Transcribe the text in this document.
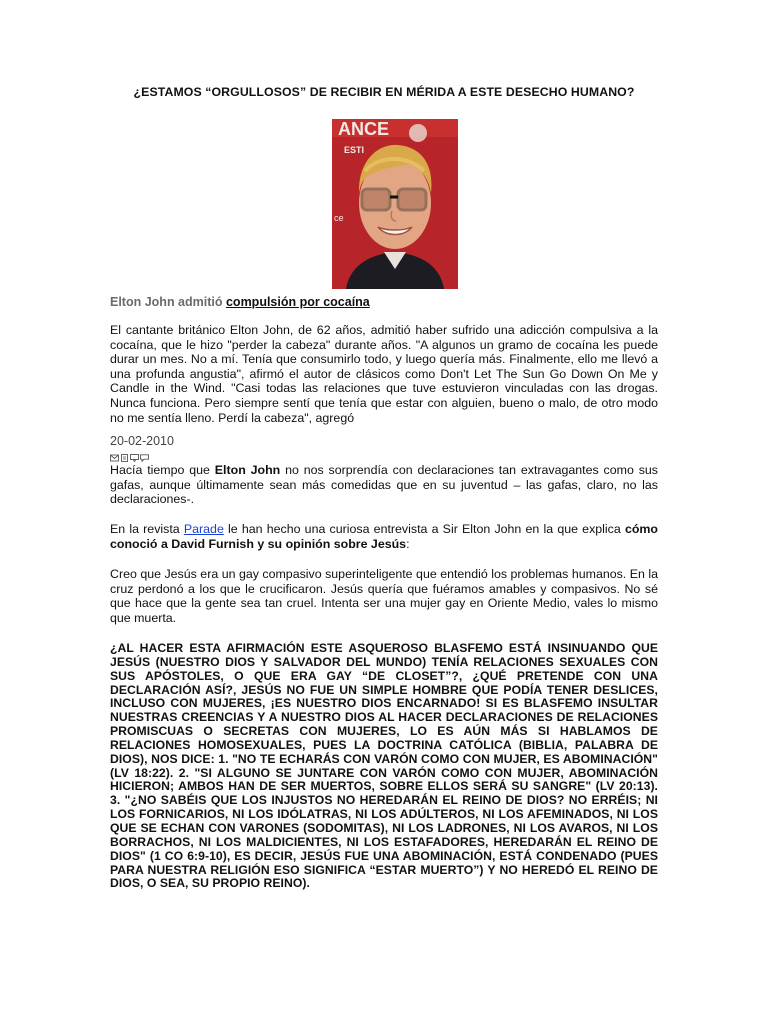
¿ESTAMOS “ORGULLOSOS” DE RECIBIR EN MÉRIDA A ESTE DESECHO HUMANO?
ANCE
ESTI
ce
Elton John admitió compulsión por cocaína
El cantante británico Elton John, de 62 años, admitió haber sufrido una adicción compulsiva a la cocaína, que le hizo "perder la cabeza" durante años. "A algunos un gramo de cocaína les puede durar un mes. No a mí. Tenía que consumirlo todo, y luego quería más. Finalmente, ello me llevó a una profunda angustia", afirmó el autor de clásicos como Don't Let The Sun Go Down On Me y Candle in the Wind. "Casi todas las relaciones que tuve estuvieron vinculadas con las drogas. Nunca funciona. Pero siempre sentí que tenía que estar con alguien, bueno o malo, de otro modo no me sentía lleno. Perdí la cabeza", agregó
20-02-2010
Hacía tiempo que Elton John no nos sorprendía con declaraciones tan extravagantes como sus gafas, aunque últimamente sean más comedidas que en su juventud – las gafas, claro, no las declaraciones-.
En la revista Parade le han hecho una curiosa entrevista a Sir Elton John en la que explica cómo conoció a David Furnish y su opinión sobre Jesús:
Creo que Jesús era un gay compasivo superinteligente que entendió los problemas humanos. En la cruz perdonó a los que le crucificaron. Jesús quería que fuéramos amables y compasivos. No sé que hace que la gente sea tan cruel. Intenta ser una mujer gay en Oriente Medio, vales lo mismo que muerta.
¿AL HACER ESTA AFIRMACIÓN ESTE ASQUEROSO BLASFEMO ESTÁ INSINUANDO QUE JESÚS (NUESTRO DIOS Y SALVADOR DEL MUNDO) TENÍA RELACIONES SEXUALES CON SUS APÓSTOLES, O QUE ERA GAY “DE CLOSET”?, ¿QUÉ PRETENDE CON UNA DECLARACIÓN ASÍ?, JESÚS NO FUE UN SIMPLE HOMBRE QUE PODÍA TENER DESLICES, INCLUSO CON MUJERES, ¡ES NUESTRO DIOS ENCARNADO! SI ES BLASFEMO INSULTAR NUESTRAS CREENCIAS Y A NUESTRO DIOS AL HACER DECLARACIONES DE RELACIONES PROMISCUAS O SECRETAS CON MUJERES, LO ES AÚN MÁS SI HABLAMOS DE RELACIONES HOMOSEXUALES, PUES LA DOCTRINA CATÓLICA (BIBLIA, PALABRA DE DIOS), NOS DICE: 1. "NO TE ECHARÁS CON VARÓN COMO CON MUJER, ES ABOMINACIÓN" (LV 18:22). 2. "SI ALGUNO SE JUNTARE CON VARÓN COMO CON MUJER, ABOMINACIÓN HICIERON; AMBOS HAN DE SER MUERTOS, SOBRE ELLOS SERÁ SU SANGRE" (LV 20:13). 3. "¿NO SABÉIS QUE LOS INJUSTOS NO HEREDARÁN EL REINO DE DIOS? NO ERRÉIS; NI LOS FORNICARIOS, NI LOS IDÓLATRAS, NI LOS ADÚLTEROS, NI LOS AFEMINADOS, NI LOS QUE SE ECHAN CON VARONES (SODOMITAS), NI LOS LADRONES, NI LOS AVAROS, NI LOS BORRACHOS, NI LOS MALDICIENTES, NI LOS ESTAFADORES, HEREDARÁN EL REINO DE DIOS" (1 CO 6:9-10), ES DECIR, JESÚS FUE UNA ABOMINACIÓN, ESTÁ CONDENADO (PUES PARA NUESTRA RELIGIÓN ESO SIGNIFICA “ESTAR MUERTO”) Y NO HEREDÓ EL REINO DE DIOS, O SEA, SU PROPIO REINO).
